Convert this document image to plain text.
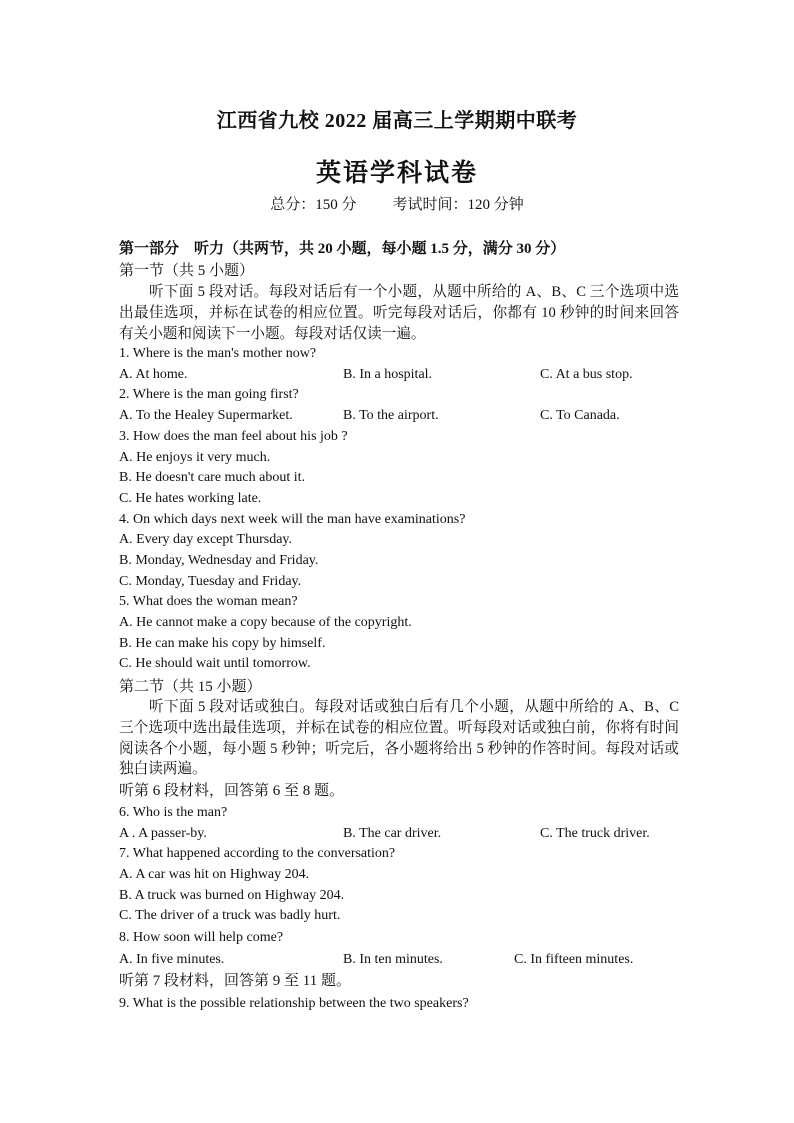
江西省九校 2022 届高三上学期期中联考
英语学科试卷
总分：150 分 考试时间：120 分钟
第一部分　听力（共两节，共 20 小题，每小题 1.5 分，满分 30 分）
第一节（共 5 小题）
听下面 5 段对话。每段对话后有一个小题，从题中所给的 A、B、C 三个选项中选出最佳选项，并标在试卷的相应位置。听完每段对话后，你都有 10 秒钟的时间来回答有关小题和阅读下一小题。每段对话仅读一遍。
1. Where is the man's mother now?
A. At home.	B. In a hospital.	C. At a bus stop.
2. Where is the man going first?
A. To the Healey Supermarket.	B. To the airport.	C. To Canada.
3. How does the man feel about his job ?
A. He enjoys it very much.
B. He doesn't care much about it.
C. He hates working late.
4. On which days next week will the man have examinations?
A. Every day except Thursday.
B. Monday, Wednesday and Friday.
C. Monday, Tuesday and Friday.
5. What does the woman mean?
A. He cannot make a copy because of the copyright.
B. He can make his copy by himself.
C. He should wait until tomorrow.
第二节（共 15 小题）
听下面 5 段对话或独白。每段对话或独白后有几个小题，从题中所给的 A、B、C 三个选项中选出最佳选项，并标在试卷的相应位置。听每段对话或独白前，你将有时间阅读各个小题，每小题 5 秒钟；听完后，各小题将给出 5 秒钟的作答时间。每段对话或独白读两遍。
听第 6 段材料，回答第 6 至 8 题。
6. Who is the man?
A . A passer-by.	B. The car driver.	C. The truck driver.
7. What happened according to the conversation?
A. A car was hit on Highway 204.
B. A truck was burned on Highway 204.
C. The driver of a truck was badly hurt.
8. How soon will help come?
A. In five minutes.	B. In ten minutes.	C. In fifteen minutes.
听第 7 段材料，回答第 9 至 11 题。
9. What is the possible relationship between the two speakers?
